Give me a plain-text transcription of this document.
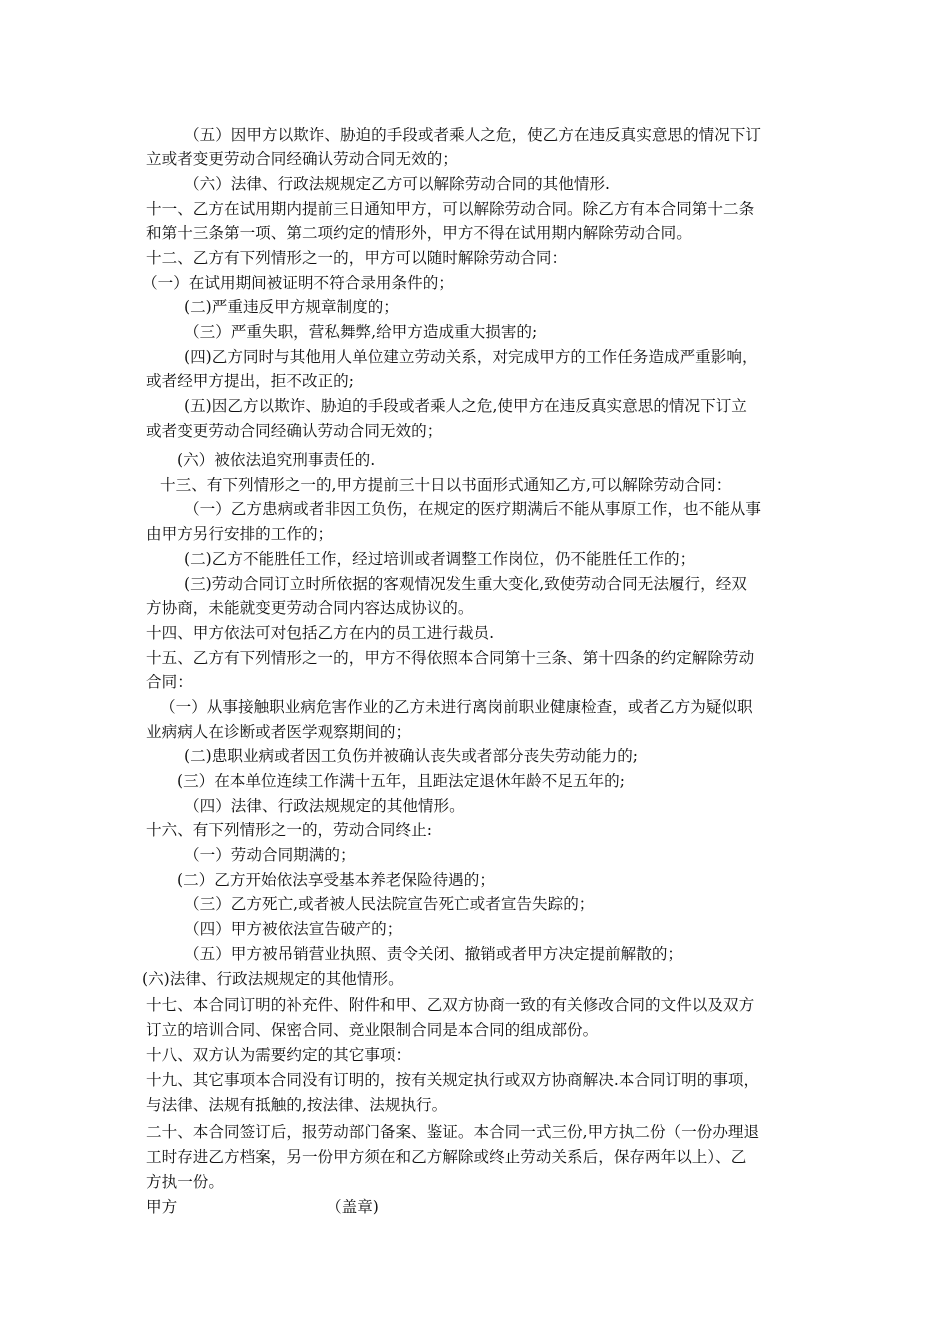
（五）因甲方以欺诈、胁迫的手段或者乘人之危，使乙方在违反真实意思的情况下订
立或者变更劳动合同经确认劳动合同无效的；
（六）法律、行政法规规定乙方可以解除劳动合同的其他情形.
十一、乙方在试用期内提前三日通知甲方，可以解除劳动合同。除乙方有本合同第十二条
和第十三条第一项、第二项约定的情形外，甲方不得在试用期内解除劳动合同。
十二、乙方有下列情形之一的，甲方可以随时解除劳动合同：
（一）在试用期间被证明不符合录用条件的；
(二)严重违反甲方规章制度的；
（三）严重失职，营私舞弊,给甲方造成重大损害的;
(四)乙方同时与其他用人单位建立劳动关系，对完成甲方的工作任务造成严重影响，
或者经甲方提出，拒不改正的;
(五)因乙方以欺诈、胁迫的手段或者乘人之危,使甲方在违反真实意思的情况下订立
或者变更劳动合同经确认劳动合同无效的；
(六）被依法追究刑事责任的.
十三、有下列情形之一的,甲方提前三十日以书面形式通知乙方,可以解除劳动合同：
（一）乙方患病或者非因工负伤，在规定的医疗期满后不能从事原工作，也不能从事
由甲方另行安排的工作的；
(二)乙方不能胜任工作，经过培训或者调整工作岗位，仍不能胜任工作的；
(三)劳动合同订立时所依据的客观情况发生重大变化,致使劳动合同无法履行，经双
方协商，未能就变更劳动合同内容达成协议的。
十四、甲方依法可对包括乙方在内的员工进行裁员.
十五、乙方有下列情形之一的，甲方不得依照本合同第十三条、第十四条的约定解除劳动
合同：
（一）从事接触职业病危害作业的乙方未进行离岗前职业健康检查，或者乙方为疑似职
业病病人在诊断或者医学观察期间的；
(二)患职业病或者因工负伤并被确认丧失或者部分丧失劳动能力的;
(三）在本单位连续工作满十五年，且距法定退休年龄不足五年的;
（四）法律、行政法规规定的其他情形。
十六、有下列情形之一的，劳动合同终止:
（一）劳动合同期满的；
(二）乙方开始依法享受基本养老保险待遇的；
（三）乙方死亡,或者被人民法院宣告死亡或者宣告失踪的；
（四）甲方被依法宣告破产的；
（五）甲方被吊销营业执照、责令关闭、撤销或者甲方决定提前解散的；
(六)法律、行政法规规定的其他情形。
十七、本合同订明的补充件、附件和甲、乙双方协商一致的有关修改合同的文件以及双方
订立的培训合同、保密合同、竞业限制合同是本合同的组成部份。
十八、双方认为需要约定的其它事项：
十九、其它事项本合同没有订明的，按有关规定执行或双方协商解决.本合同订明的事项，
与法律、法规有抵触的,按法律、法规执行。
二十、本合同签订后，报劳动部门备案、鉴证。本合同一式三份,甲方执二份（一份办理退
工时存进乙方档案，另一份甲方须在和乙方解除或终止劳动关系后，保存两年以上）、乙
方执一份。
甲方	（盖章)
